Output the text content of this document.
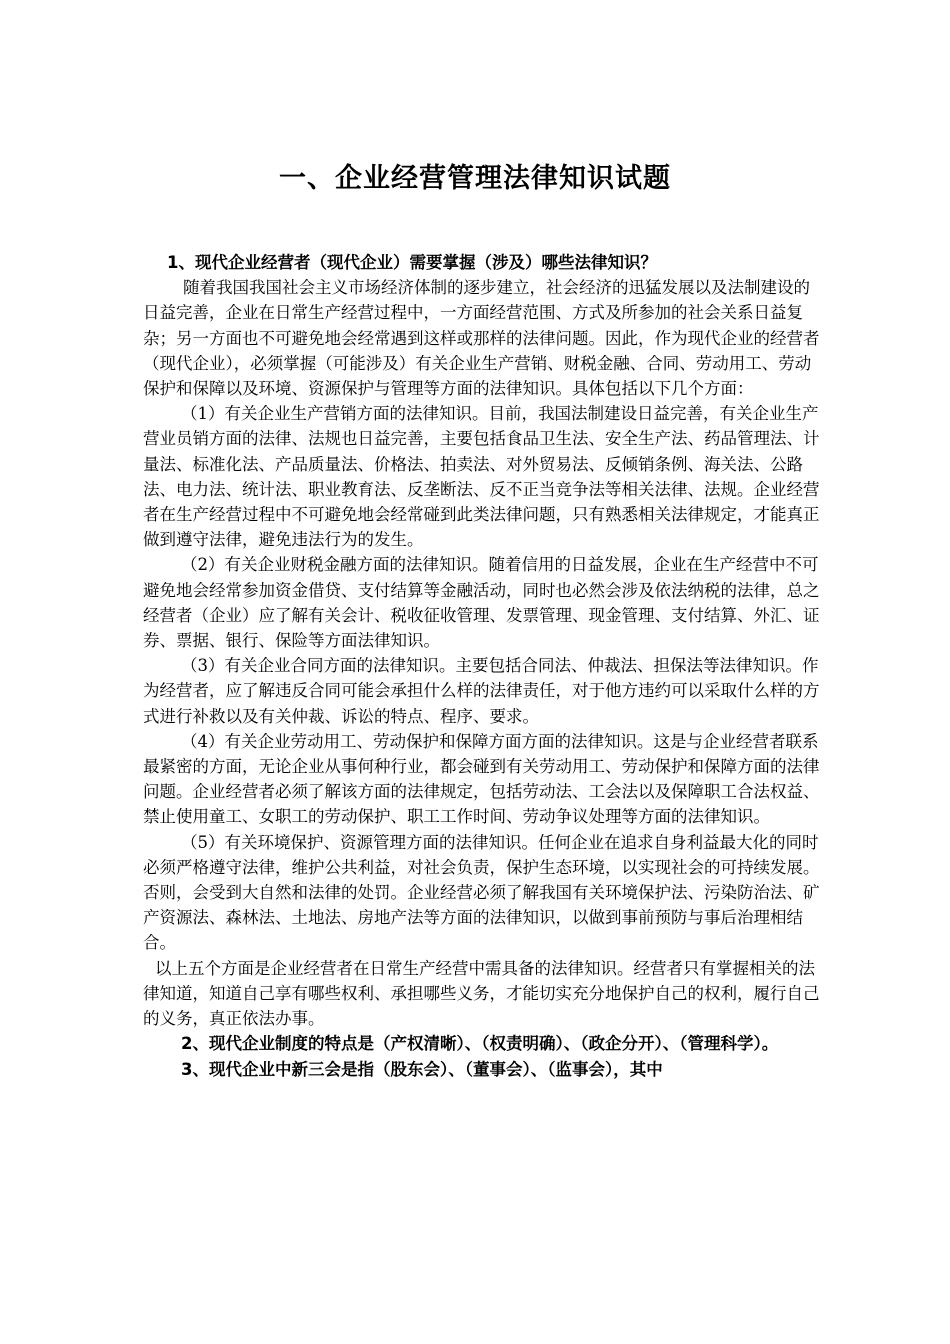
一、企业经营管理法律知识试题

1、现代企业经营者（现代企业）需要掌握（涉及）哪些法律知识？

随着我国我国社会主义市场经济体制的逐步建立，社会经济的迅猛发展以及法制建设的日益完善，企业在日常生产经营过程中，一方面经营范围、方式及所参加的社会关系日益复杂；另一方面也不可避免地会经常遇到这样或那样的法律问题。因此，作为现代企业的经营者（现代企业），必须掌握（可能涉及）有关企业生产营销、财税金融、合同、劳动用工、劳动保护和保障以及环境、资源保护与管理等方面的法律知识。具体包括以下几个方面：

（1）有关企业生产营销方面的法律知识。目前，我国法制建设日益完善，有关企业生产营业员销方面的法律、法规也日益完善，主要包括食品卫生法、安全生产法、药品管理法、计量法、标准化法、产品质量法、价格法、拍卖法、对外贸易法、反倾销条例、海关法、公路法、电力法、统计法、职业教育法、反垄断法、反不正当竞争法等相关法律、法规。企业经营者在生产经营过程中不可避免地会经常碰到此类法律问题，只有熟悉相关法律规定，才能真正做到遵守法律，避免违法行为的发生。

（2）有关企业财税金融方面的法律知识。随着信用的日益发展，企业在生产经营中不可避免地会经常参加资金借贷、支付结算等金融活动，同时也必然会涉及依法纳税的法律，总之经营者（企业）应了解有关会计、税收征收管理、发票管理、现金管理、支付结算、外汇、证券、票据、银行、保险等方面法律知识。

（3）有关企业合同方面的法律知识。主要包括合同法、仲裁法、担保法等法律知识。作为经营者，应了解违反合同可能会承担什么样的法律责任，对于他方违约可以采取什么样的方式进行补救以及有关仲裁、诉讼的特点、程序、要求。

（4）有关企业劳动用工、劳动保护和保障方面方面的法律知识。这是与企业经营者联系最紧密的方面，无论企业从事何种行业，都会碰到有关劳动用工、劳动保护和保障方面的法律问题。企业经营者必须了解该方面的法律规定，包括劳动法、工会法以及保障职工合法权益、禁止使用童工、女职工的劳动保护、职工工作时间、劳动争议处理等方面的法律知识。

（5）有关环境保护、资源管理方面的法律知识。任何企业在追求自身利益最大化的同时必须严格遵守法律，维护公共利益，对社会负责，保护生态环境，以实现社会的可持续发展。否则，会受到大自然和法律的处罚。企业经营必须了解我国有关环境保护法、污染防治法、矿产资源法、森林法、土地法、房地产法等方面的法律知识，以做到事前预防与事后治理相结合。

以上五个方面是企业经营者在日常生产经营中需具备的法律知识。经营者只有掌握相关的法律知道，知道自己享有哪些权利、承担哪些义务，才能切实充分地保护自己的权利，履行自己的义务，真正依法办事。

2、现代企业制度的特点是（产权清晰）、（权责明确）、（政企分开）、（管理科学）。

3、现代企业中新三会是指（股东会）、（董事会）、（监事会），其中
